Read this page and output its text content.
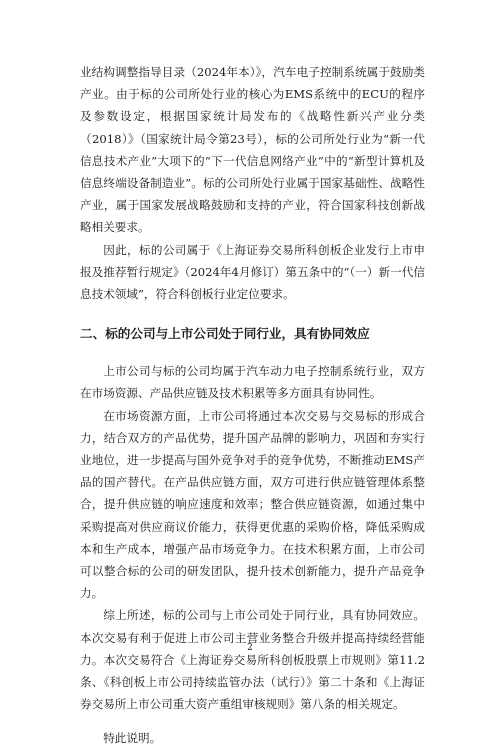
业结构调整指导目录（2024年本）》，汽车电子控制系统属于鼓励类产业。由于标的公司所处行业的核心为EMS系统中的ECU的程序及参数设定，根据国家统计局发布的《战略性新兴产业分类（2018）》（国家统计局令第23号），标的公司所处行业为“新一代信息技术产业”大项下的“下一代信息网络产业”中的“新型计算机及信息终端设备制造业”。标的公司所处行业属于国家基础性、战略性产业，属于国家发展战略鼓励和支持的产业，符合国家科技创新战略相关要求。

因此，标的公司属于《上海证券交易所科创板企业发行上市申报及推荐暂行规定》（2024年4月修订）第五条中的“（一）新一代信息技术领域”，符合科创板行业定位要求。

二、标的公司与上市公司处于同行业，具有协同效应

上市公司与标的公司均属于汽车动力电子控制系统行业，双方在市场资源、产品供应链及技术积累等多方面具有协同性。

在市场资源方面，上市公司将通过本次交易与交易标的形成合力，结合双方的产品优势，提升国产品牌的影响力，巩固和夯实行业地位，进一步提高与国外竞争对手的竞争优势，不断推动EMS产品的国产替代。在产品供应链方面，双方可进行供应链管理体系整合，提升供应链的响应速度和效率；整合供应链资源，如通过集中采购提高对供应商议价能力，获得更优惠的采购价格，降低采购成本和生产成本，增强产品市场竞争力。在技术积累方面，上市公司可以整合标的公司的研发团队，提升技术创新能力，提升产品竞争力。

综上所述，标的公司与上市公司处于同行业，具有协同效应。本次交易有利于促进上市公司主营业务整合升级并提高持续经营能力。本次交易符合《上海证券交易所科创板股票上市规则》第11.2条、《科创板上市公司持续监管办法（试行）》第二十条和《上海证券交易所上市公司重大资产重组审核规则》第八条的相关规定。

特此说明。

2
